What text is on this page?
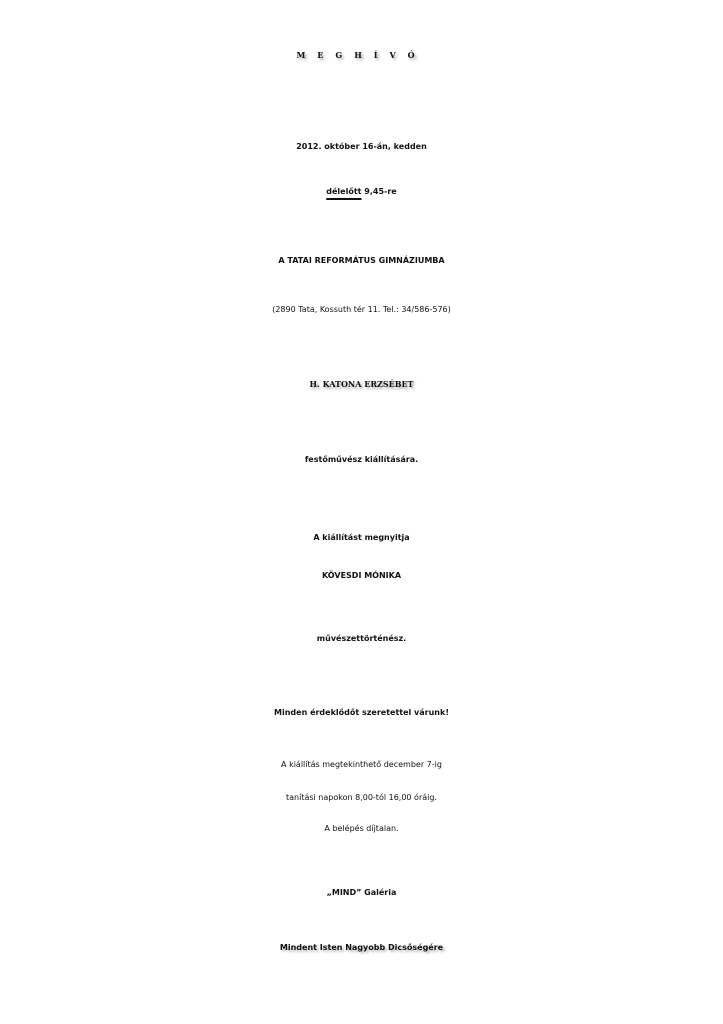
MEGHÍVÓ
2012. október 16-án, kedden
délelőtt 9,45-re
A TATAI REFORMÁTUS GIMNÁZIUMBA
(2890 Tata, Kossuth tér 11. Tel.: 34/586-576)
H. KATONA ERZSÉBET
festőművész kiállítására.
A kiállítást megnyitja
KÖVESDI MÓNIKA
művészettörténész.
Minden érdeklődőt szeretettel várunk!
A kiállítás megtekinthető december 7-ig
tanítási napokon 8,00-tól 16,00 óráig.
A belépés díjtalan.
„MIND” Galéria
Mindent Isten Nagyobb Dicsőségére
